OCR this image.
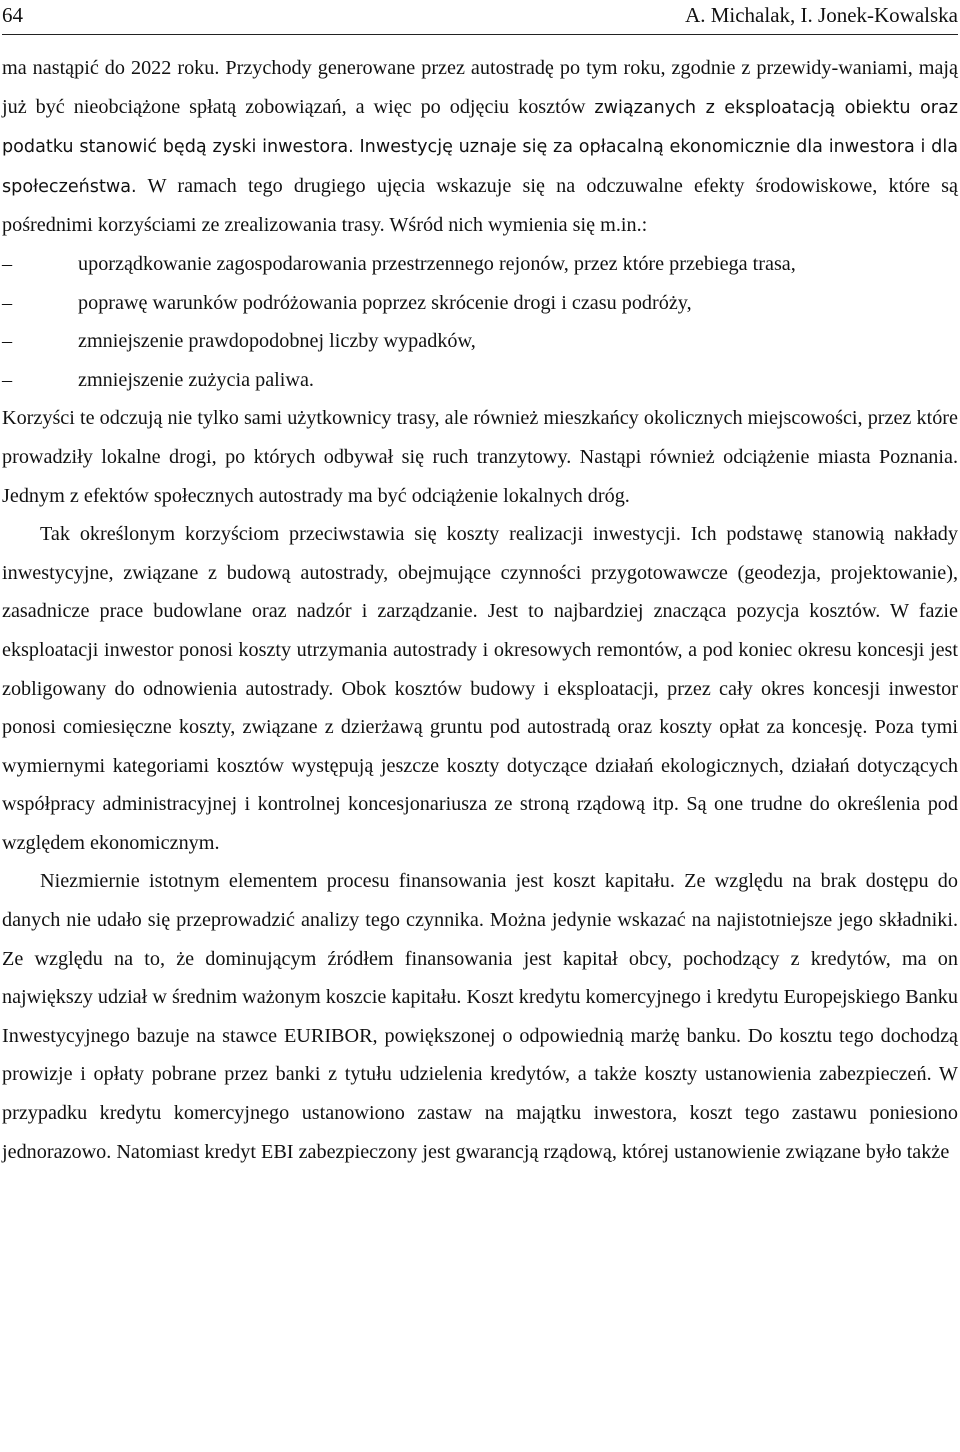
64	A. Michalak, I. Jonek-Kowalska

ma nastąpić do 2022 roku. Przychody generowane przez autostradę po tym roku, zgodnie z przewidy-waniami, mają już być nieobciążone spłatą zobowiązań, a więc po odjęciu kosztów związanych z eksploatacją obiektu oraz podatku stanowić będą zyski inwestora. Inwestycję uznaje się za opłacalną ekonomicznie dla inwestora i dla społeczeństwa. W ramach tego drugiego ujęcia wskazuje się na odczuwalne efekty środowiskowe, które są pośrednimi korzyściami ze zrealizowania trasy. Wśród nich wymienia się m.in.:

–	uporządkowanie zagospodarowania przestrzennego rejonów, przez które przebiega trasa,
–	poprawę warunków podróżowania poprzez skrócenie drogi i czasu podróży,
–	zmniejszenie prawdopodobnej liczby wypadków,
–	zmniejszenie zużycia paliwa.

Korzyści te odczują nie tylko sami użytkownicy trasy, ale również mieszkańcy okolicznych miejscowości, przez które prowadziły lokalne drogi, po których odbywał się ruch tranzytowy. Nastąpi również odciążenie miasta Poznania. Jednym z efektów społecznych autostrady ma być odciążenie lokalnych dróg.

Tak określonym korzyściom przeciwstawia się koszty realizacji inwestycji. Ich podstawę stanowią nakłady inwestycyjne, związane z budową autostrady, obejmujące czynności przygotowawcze (geodezja, projektowanie), zasadnicze prace budowlane oraz nadzór i zarządzanie. Jest to najbardziej znacząca pozycja kosztów. W fazie eksploatacji inwestor ponosi koszty utrzymania autostrady i okresowych remontów, a pod koniec okresu koncesji jest zobligowany do odnowienia autostrady. Obok kosztów budowy i eksploatacji, przez cały okres koncesji inwestor ponosi comiesięczne koszty, związane z dzierżawą gruntu pod autostradą oraz koszty opłat za koncesję. Poza tymi wymiernymi kategoriami kosztów występują jeszcze koszty dotyczące działań ekologicznych, działań dotyczących współpracy administracyjnej i kontrolnej koncesjonariusza ze stroną rządową itp. Są one trudne do określenia pod względem ekonomicznym.

Niezmiernie istotnym elementem procesu finansowania jest koszt kapitału. Ze względu na brak dostępu do danych nie udało się przeprowadzić analizy tego czynnika. Można jedynie wskazać na najistotniejsze jego składniki. Ze względu na to, że dominującym źródłem finansowania jest kapitał obcy, pochodzący z kredytów, ma on największy udział w średnim ważonym koszcie kapitału. Koszt kredytu komercyjnego i kredytu Europejskiego Banku Inwestycyjnego bazuje na stawce EURIBOR, powiększonej o odpowiednią marżę banku. Do kosztu tego dochodzą prowizje i opłaty pobrane przez banki z tytułu udzielenia kredytów, a także koszty ustanowienia zabezpieczeń. W przypadku kredytu komercyjnego ustanowiono zastaw na majątku inwestora, koszt tego zastawu poniesiono jednorazowo. Natomiast kredyt EBI zabezpieczony jest gwarancją rządową, której ustanowienie związane było także
